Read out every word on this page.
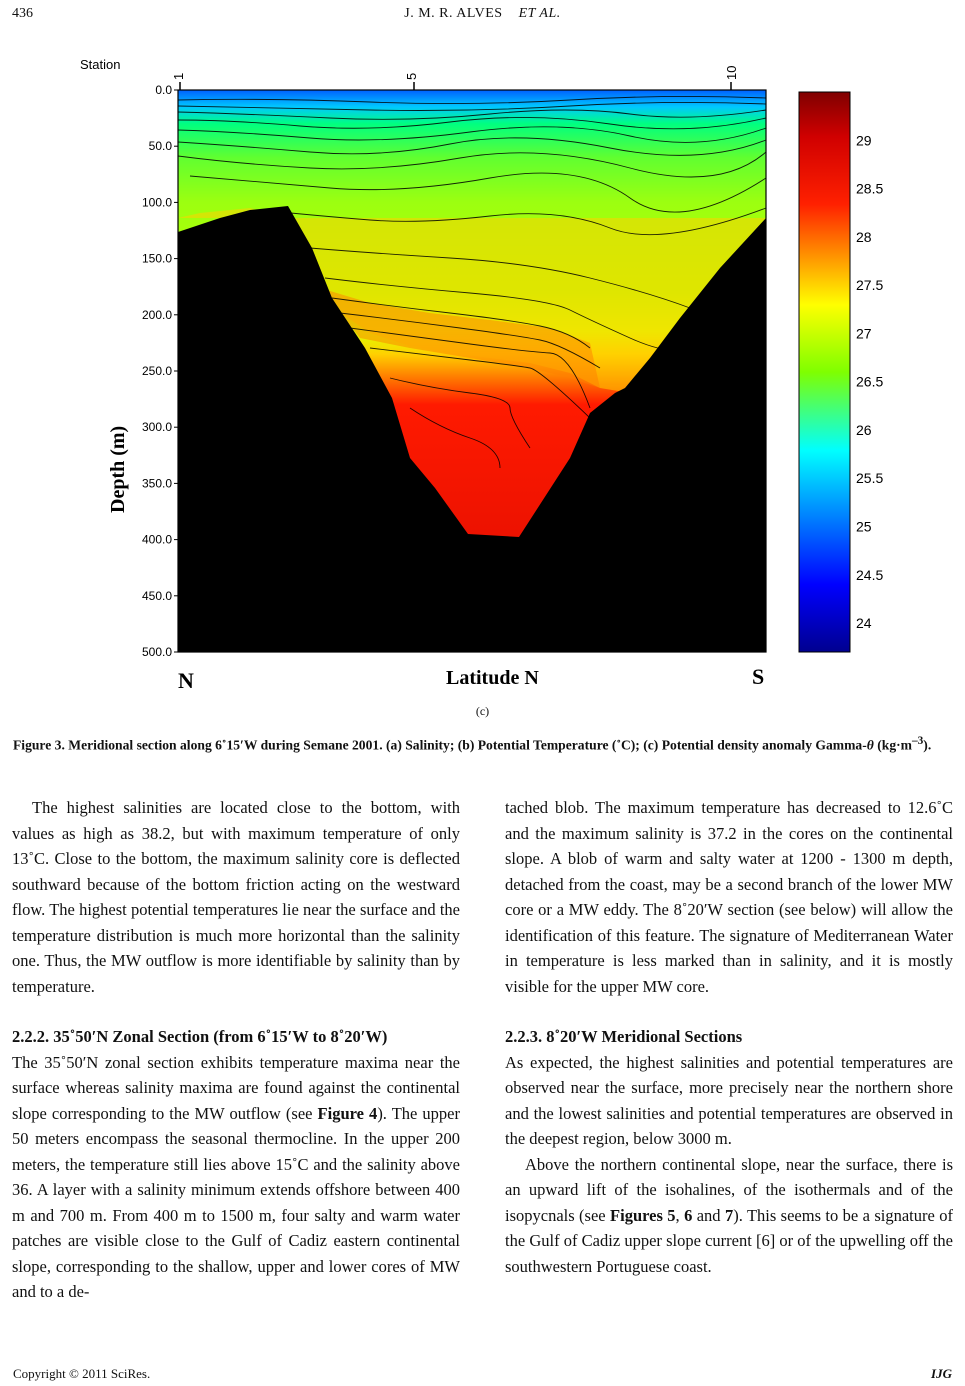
436	J. M. R. ALVES ET AL.
Station
1	5	10
0.0
50.0
100.0
150.0
200.0
250.0
300.0
350.0
400.0
450.0
500.0
Depth (m)
N	Latitude N	S
24
24.5
25
25.5
26
26.5
27
27.5
28
28.5
29
(c)
Figure 3. Meridional section along 6˚15′W during Semane 2001. (a) Salinity; (b) Potential Temperature (˚C); (c) Potential density anomaly Gamma-θ $(kg\cdot m^{-3})$.

The highest salinities are located close to the bottom, with values as high as 38.2, but with maximum temperature of only 13˚C. Close to the bottom, the maximum salinity core is deflected southward because of the bottom friction acting on the westward flow. The highest potential temperatures lie near the surface and the temperature distribution is much more horizontal than the salinity one. Thus, the MW outflow is more identifiable by salinity than by temperature.

2.2.2. 35˚50′N Zonal Section (from 6˚15′W to 8˚20′W)

The 35˚50′N zonal section exhibits temperature maxima near the surface whereas salinity maxima are found against the continental slope corresponding to the MW outflow (see Figure 4). The upper 50 meters encompass the seasonal thermocline. In the upper 200 meters, the temperature still lies above 15˚C and the salinity above 36. A layer with a salinity minimum extends offshore between 400 m and 700 m. From 400 m to 1500 m, four salty and warm water patches are visible close to the Gulf of Cadiz eastern continental slope, corresponding to the shallow, upper and lower cores of MW and to a de-

tached blob. The maximum temperature has decreased to 12.6˚C and the maximum salinity is 37.2 in the cores on the continental slope. A blob of warm and salty water at 1200 - 1300 m depth, detached from the coast, may be a second branch of the lower MW core or a MW eddy. The 8˚20′W section (see below) will allow the identification of this feature. The signature of Mediterranean Water in temperature is less marked than in salinity, and it is mostly visible for the upper MW core.

2.2.3. 8˚20′W Meridional Sections

As expected, the highest salinities and potential temperatures are observed near the surface, more precisely near the northern shore and the lowest salinities and potential temperatures are observed in the deepest region, below 3000 m.

Above the northern continental slope, near the surface, there is an upward lift of the isohalines, of the isothermals and of the isopycnals (see Figures 5, 6 and 7). This seems to be a signature of the Gulf of Cadiz upper slope current [6] or of the upwelling off the southwestern Portuguese coast.

Copyright © 2011 SciRes.	IJG
